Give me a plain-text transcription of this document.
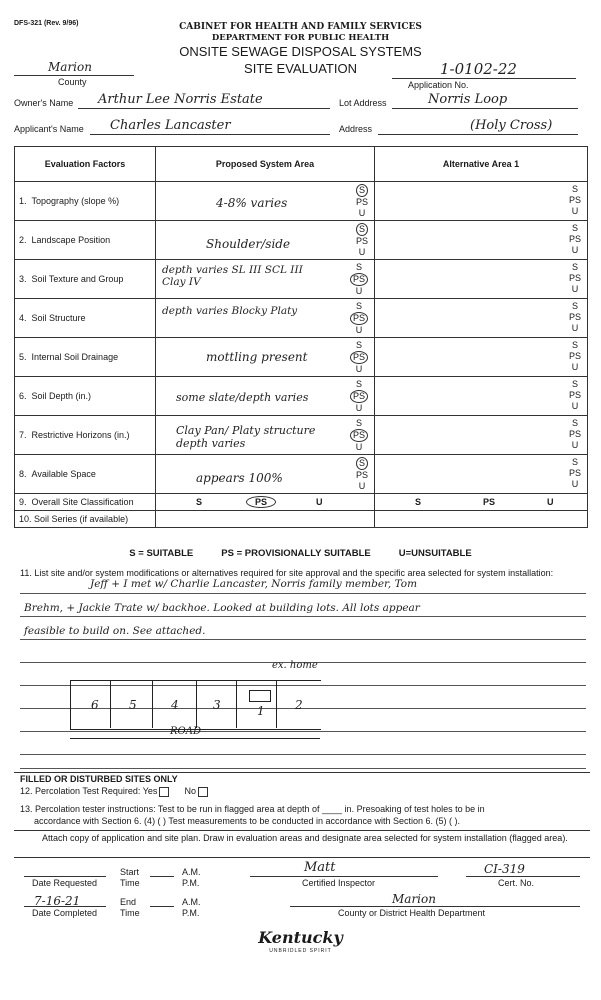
DFS-321 (Rev. 9/96)	CABINET FOR HEALTH AND FAMILY SERVICES
DEPARTMENT FOR PUBLIC HEALTH
ONSITE SEWAGE DISPOSAL SYSTEMS
SITE EVALUATION
Marion
County
1-0102-22
Application No.
Owner's Name Arthur Lee Norris Estate	Lot Address	Norris Loop
Applicant's Name Charles Lancaster	Address	(Holy Cross)
Evaluation Factors	Proposed System Area	Alternative Area 1
1. Topography (slope %)	4-8% varies
S
PS
U	S
PS
U

2. Landscape Position	Shoulder/side
S
PS
U	S
PS
U

3. Soil Texture and Group	depth varies SL III SCL III Clay IV
S
PS
U	S
PS
U

4. Soil Structure	depth varies Blocky Platy S
PS
U	S
PS
U

5. Internal Soil Drainage	mottling present
S
PS
U	S
PS
U

6. Soil Depth (in.)	some slate/depth varies
S
PS
U	S
PS
U

7. Restrictive Horizons (in.)	Clay Pan/ Platy structure depth varies
S
PS
U	S
PS
U

8. Available Space	appears 100%
S
PS
U	S
PS
U

9. Overall Site Classification	S PS U	S PS U
10. Soil Series (if available)		
S = SUITABLE	PS = PROVISIONALLY SUITABLE	U=UNSUITABLE
11. List site and/or system modifications or alternatives required for site approval and the specific area selected for system installation:
Jeff + I met w/ Charlie Lancaster, Norris family member, Tom
Brehm, + Jackie Trate w/ backhoe. Looked at building lots. All lots appear
feasible to build on. See attached.
ex. home
6	5	4	3	1	2
ROAD
FILLED OR DISTURBED SITES ONLY
12. Percolation Test Required: Yes	No
13. Percolation tester instructions: Test to be run in flagged area at depth of ____ in. Presoaking of test holes to be in
accordance with Section 6. (4) ( ) Test measurements to be conducted in accordance with Section 6. (5) ( ).
Attach copy of application and site plan. Draw in evaluation areas and designate area selected for system installation (flagged area).
Date Requested
Start
Time
A.M.
P.M.
Matt
Certified Inspector
CI-319
Cert. No.
7-16-21
Date Completed
End
Time
A.M.
P.M.
Marion
County or District Health Department
Kentucky
UNBRIDLED SPIRIT
